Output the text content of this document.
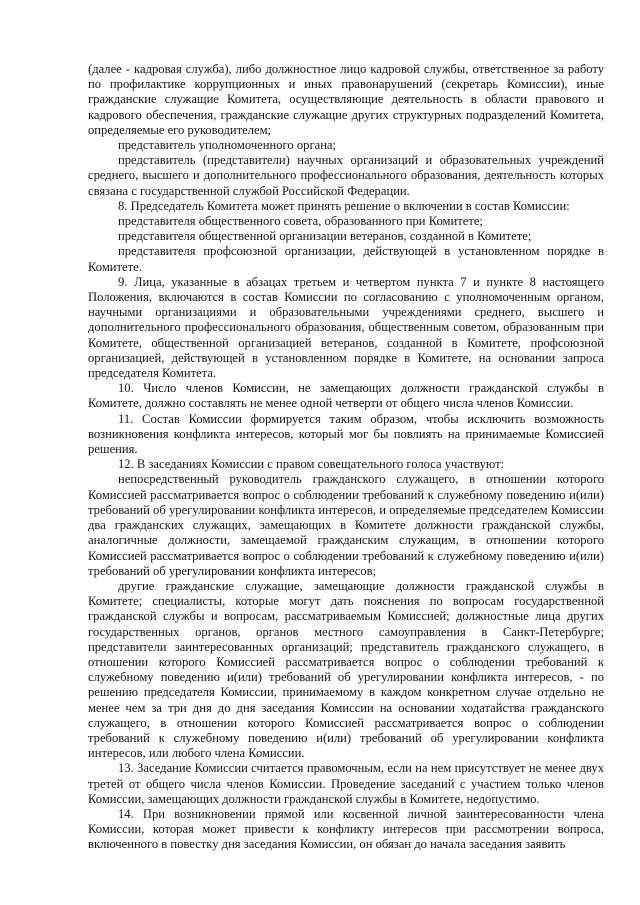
(далее - кадровая служба), либо должностное лицо кадровой службы, ответственное за работу по профилактике коррупционных и иных правонарушений (секретарь Комиссии), иные гражданские служащие Комитета, осуществляющие деятельность в области правового и кадрового обеспечения, гражданские служащие других структурных подразделений Комитета, определяемые его руководителем;

представитель уполномоченного органа;

представитель (представители) научных организаций и образовательных учреждений среднего, высшего и дополнительного профессионального образования, деятельность которых связана с государственной службой Российской Федерации.

8. Председатель Комитета может принять решение о включении в состав Комиссии:

представителя общественного совета, образованного при Комитете;

представителя общественной организации ветеранов, созданной в Комитете;

представителя профсоюзной организации, действующей в установленном порядке в Комитете.

9. Лица, указанные в абзацах третьем и четвертом пункта 7 и пункте 8 настоящего Положения, включаются в состав Комиссии по согласованию с уполномоченным органом, научными организациями и образовательными учреждениями среднего, высшего и дополнительного профессионального образования, общественным советом, образованным при Комитете, общественной организацией ветеранов, созданной в Комитете, профсоюзной организацией, действующей в установленном порядке в Комитете, на основании запроса председателя Комитета.

10. Число членов Комиссии, не замещающих должности гражданской службы в Комитете, должно составлять не менее одной четверти от общего числа членов Комиссии.

11. Состав Комиссии формируется таким образом, чтобы исключить возможность возникновения конфликта интересов, который мог бы повлиять на принимаемые Комиссией решения.

12. В заседаниях Комиссии с правом совещательного голоса участвуют:

непосредственный руководитель гражданского служащего, в отношении которого Комиссией рассматривается вопрос о соблюдении требований к служебному поведению и(или) требований об урегулировании конфликта интересов, и определяемые председателем Комиссии два гражданских служащих, замещающих в Комитете должности гражданской службы, аналогичные должности, замещаемой гражданским служащим, в отношении которого Комиссией рассматривается вопрос о соблюдении требований к служебному поведению и(или) требований об урегулировании конфликта интересов;

другие гражданские служащие, замещающие должности гражданской службы в Комитете; специалисты, которые могут дать пояснения по вопросам государственной гражданской службы и вопросам, рассматриваемым Комиссией; должностные лица других государственных органов, органов местного самоуправления в Санкт-Петербурге; представители заинтересованных организаций; представитель гражданского служащего, в отношении которого Комиссией рассматривается вопрос о соблюдении требований к служебному поведению и(или) требований об урегулировании конфликта интересов, - по решению председателя Комиссии, принимаемому в каждом конкретном случае отдельно не менее чем за три дня до дня заседания Комиссии на основании ходатайства гражданского служащего, в отношении которого Комиссией рассматривается вопрос о соблюдении требований к служебному поведению и(или) требований об урегулировании конфликта интересов, или любого члена Комиссии.

13. Заседание Комиссии считается правомочным, если на нем присутствует не менее двух третей от общего числа членов Комиссии. Проведение заседаний с участием только членов Комиссии, замещающих должности гражданской службы в Комитете, недопустимо.

14. При возникновении прямой или косвенной личной заинтересованности члена Комиссии, которая может привести к конфликту интересов при рассмотрении вопроса, включенного в повестку дня заседания Комиссии, он обязан до начала заседания заявить
